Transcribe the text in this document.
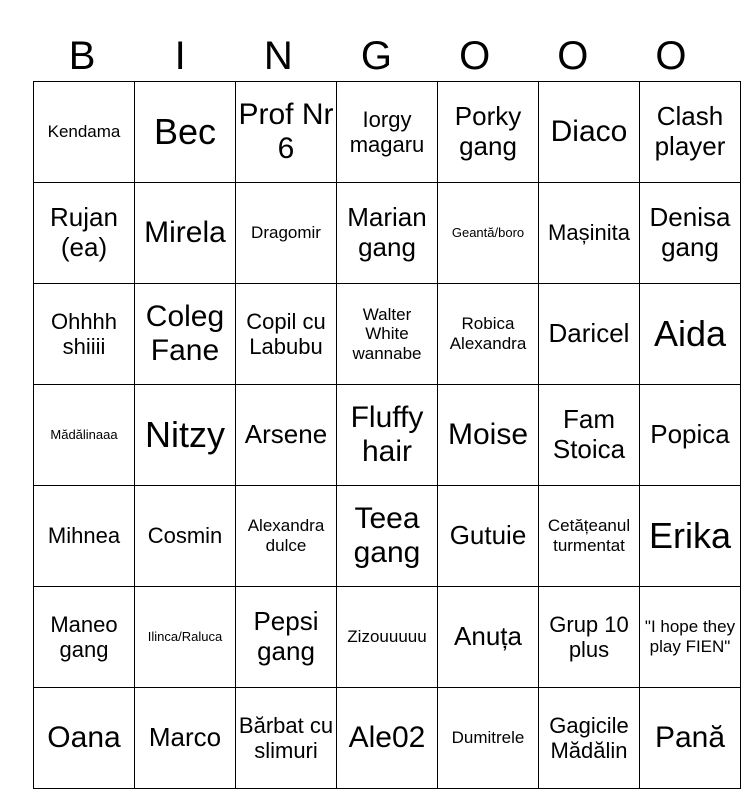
B	I	N	G	O	O	O
Kendama	Bec	Prof Nr 6	Iorgy magaru	Porky gang	Diaco	Clash player
Rujan (ea)	Mirela	Dragomir	Marian gang	Geantă/boro	Mașinita	Denisa gang
Ohhhh shiiii	Coleg Fane	Copil cu Labubu	Walter White wannabe	Robica Alexandra	Daricel	Aida
Mădălinaaa	Nitzy	Arsene	Fluffy hair	Moise	Fam Stoica	Popica
Mihnea	Cosmin	Alexandra dulce	Teea gang	Gutuie	Cetățeanul turmentat	Erika
Maneo gang	Ilinca/Raluca	Pepsi gang	Zizouuuuu	Anuța	Grup 10 plus	"I hope they play FIEN"
Oana	Marco	Bărbat cu slimuri	Ale02	Dumitrele	Gagicile Mădălin	Pană
